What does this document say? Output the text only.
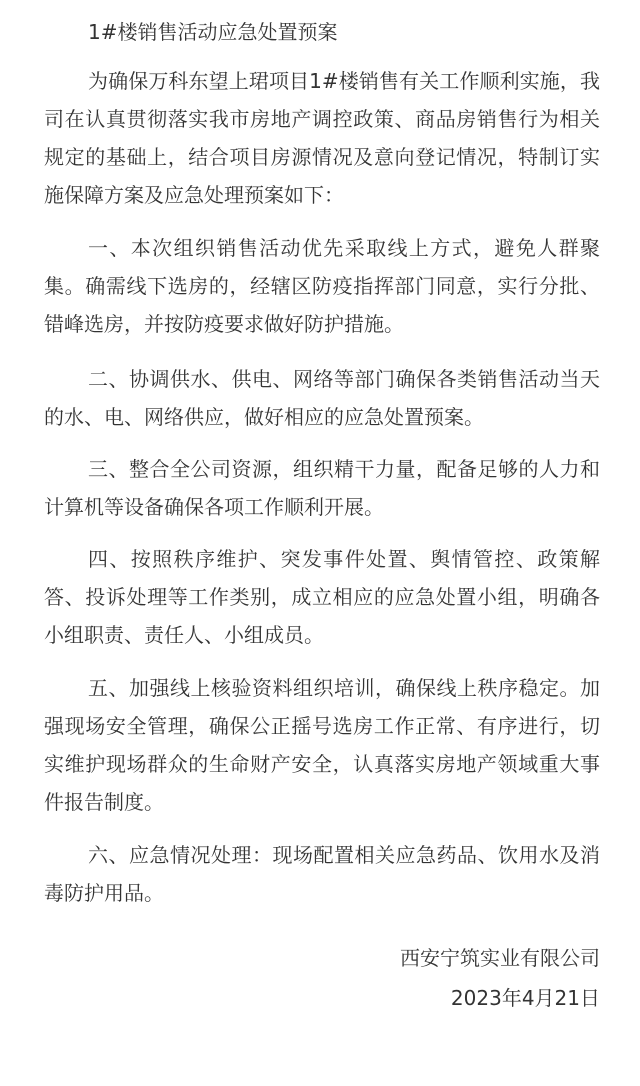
1#楼销售活动应急处置预案

为确保万科东望上珺项目1#楼销售有关工作顺利实施，我司在认真贯彻落实我市房地产调控政策、商品房销售行为相关规定的基础上，结合项目房源情况及意向登记情况，特制订实施保障方案及应急处理预案如下：

一、本次组织销售活动优先采取线上方式，避免人群聚集。确需线下选房的，经辖区防疫指挥部门同意，实行分批、错峰选房，并按防疫要求做好防护措施。

二、协调供水、供电、网络等部门确保各类销售活动当天的水、电、网络供应，做好相应的应急处置预案。

三、整合全公司资源，组织精干力量，配备足够的人力和计算机等设备确保各项工作顺利开展。

四、按照秩序维护、突发事件处置、舆情管控、政策解答、投诉处理等工作类别，成立相应的应急处置小组，明确各小组职责、责任人、小组成员。

五、加强线上核验资料组织培训，确保线上秩序稳定。加强现场安全管理，确保公正摇号选房工作正常、有序进行，切实维护现场群众的生命财产安全，认真落实房地产领域重大事件报告制度。

六、应急情况处理：现场配置相关应急药品、饮用水及消毒防护用品。

西安宁筑实业有限公司

2023年4月21日
